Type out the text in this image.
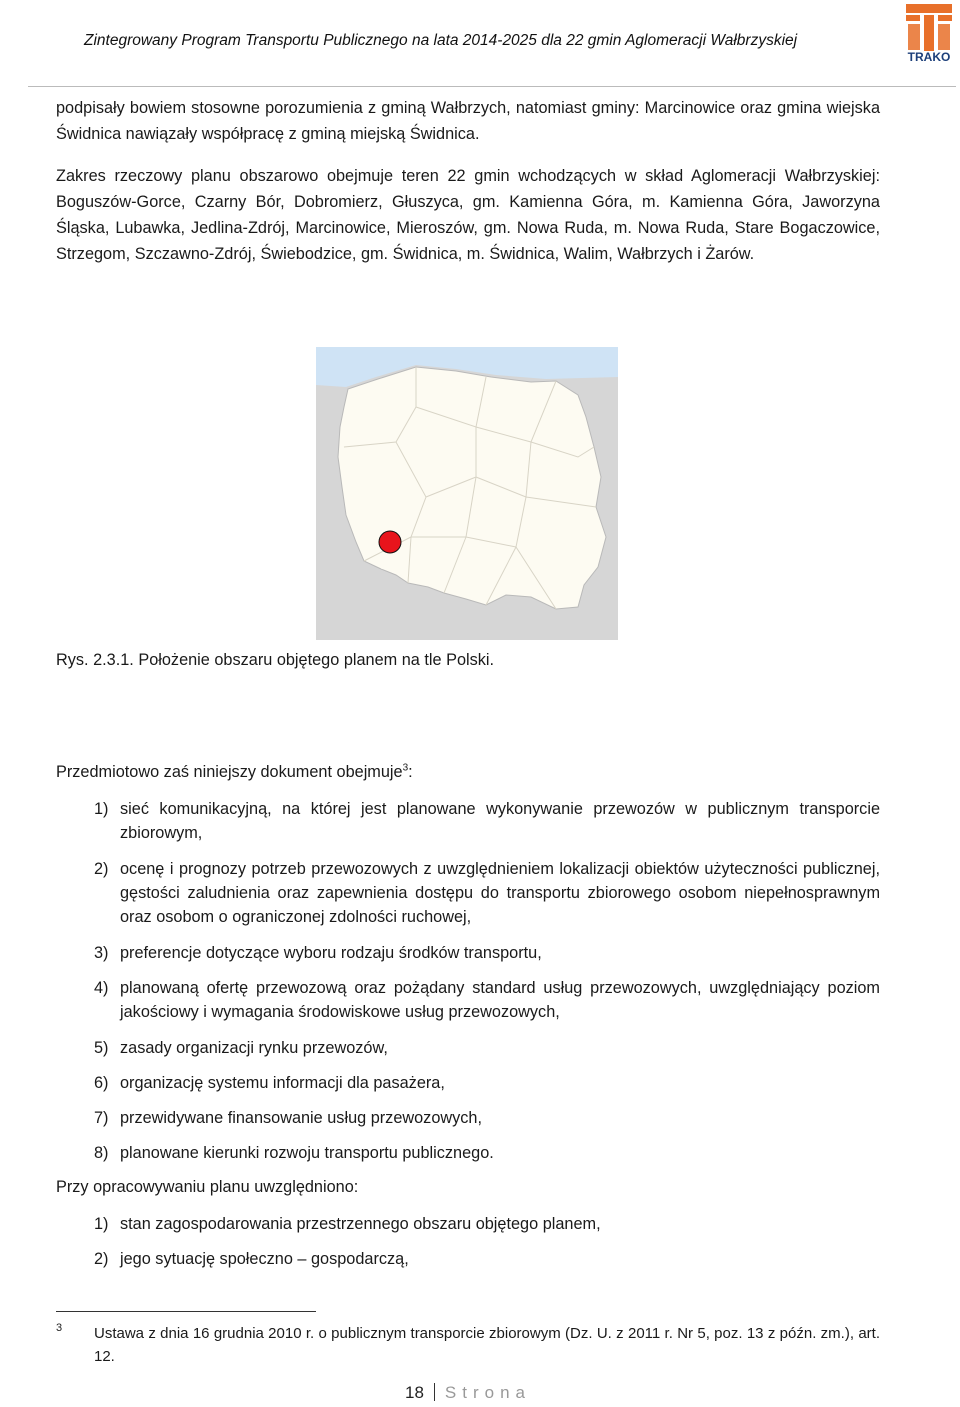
Zintegrowany Program Transportu Publicznego na lata 2014-2025 dla 22 gmin Aglomeracji Wałbrzyskiej
TRAKO
podpisały bowiem stosowne porozumienia z gminą Wałbrzych, natomiast gminy: Marcinowice oraz gmina wiejska Świdnica nawiązały współpracę z gminą miejską Świdnica.
Zakres rzeczowy planu obszarowo obejmuje teren 22 gmin wchodzących w skład Aglomeracji Wałbrzyskiej: Boguszów-Gorce, Czarny Bór, Dobromierz, Głuszyca, gm. Kamienna Góra, m. Kamienna Góra, Jaworzyna Śląska, Lubawka, Jedlina-Zdrój, Marcinowice, Mieroszów, gm. Nowa Ruda, m. Nowa Ruda, Stare Bogaczowice, Strzegom, Szczawno-Zdrój, Świebodzice, gm. Świdnica, m. Świdnica, Walim, Wałbrzych i Żarów.
Rys. 2.3.1. Położenie obszaru objętego planem na tle Polski.
Przedmiotowo zaś niniejszy dokument obejmuje$^3$:
1) sieć komunikacyjną, na której jest planowane wykonywanie przewozów w publicznym transporcie zbiorowym,
2) ocenę i prognozy potrzeb przewozowych z uwzględnieniem lokalizacji obiektów użyteczności publicznej, gęstości zaludnienia oraz zapewnienia dostępu do transportu zbiorowego osobom niepełnosprawnym oraz osobom o ograniczonej zdolności ruchowej,
3) preferencje dotyczące wyboru rodzaju środków transportu,
4) planowaną ofertę przewozową oraz pożądany standard usług przewozowych, uwzględniający poziom jakościowy i wymagania środowiskowe usług przewozowych,
5) zasady organizacji rynku przewozów,
6) organizację systemu informacji dla pasażera,
7) przewidywane finansowanie usług przewozowych,
8) planowane kierunki rozwoju transportu publicznego.
Przy opracowywaniu planu uwzględniono:
1) stan zagospodarowania przestrzennego obszaru objętego planem,
2) jego sytuację społeczno – gospodarczą,
3 Ustawa z dnia 16 grudnia 2010 r. o publicznym transporcie zbiorowym (Dz. U. z 2011 r. Nr 5, poz. 13 z późn. zm.), art. 12.
18 Strona
